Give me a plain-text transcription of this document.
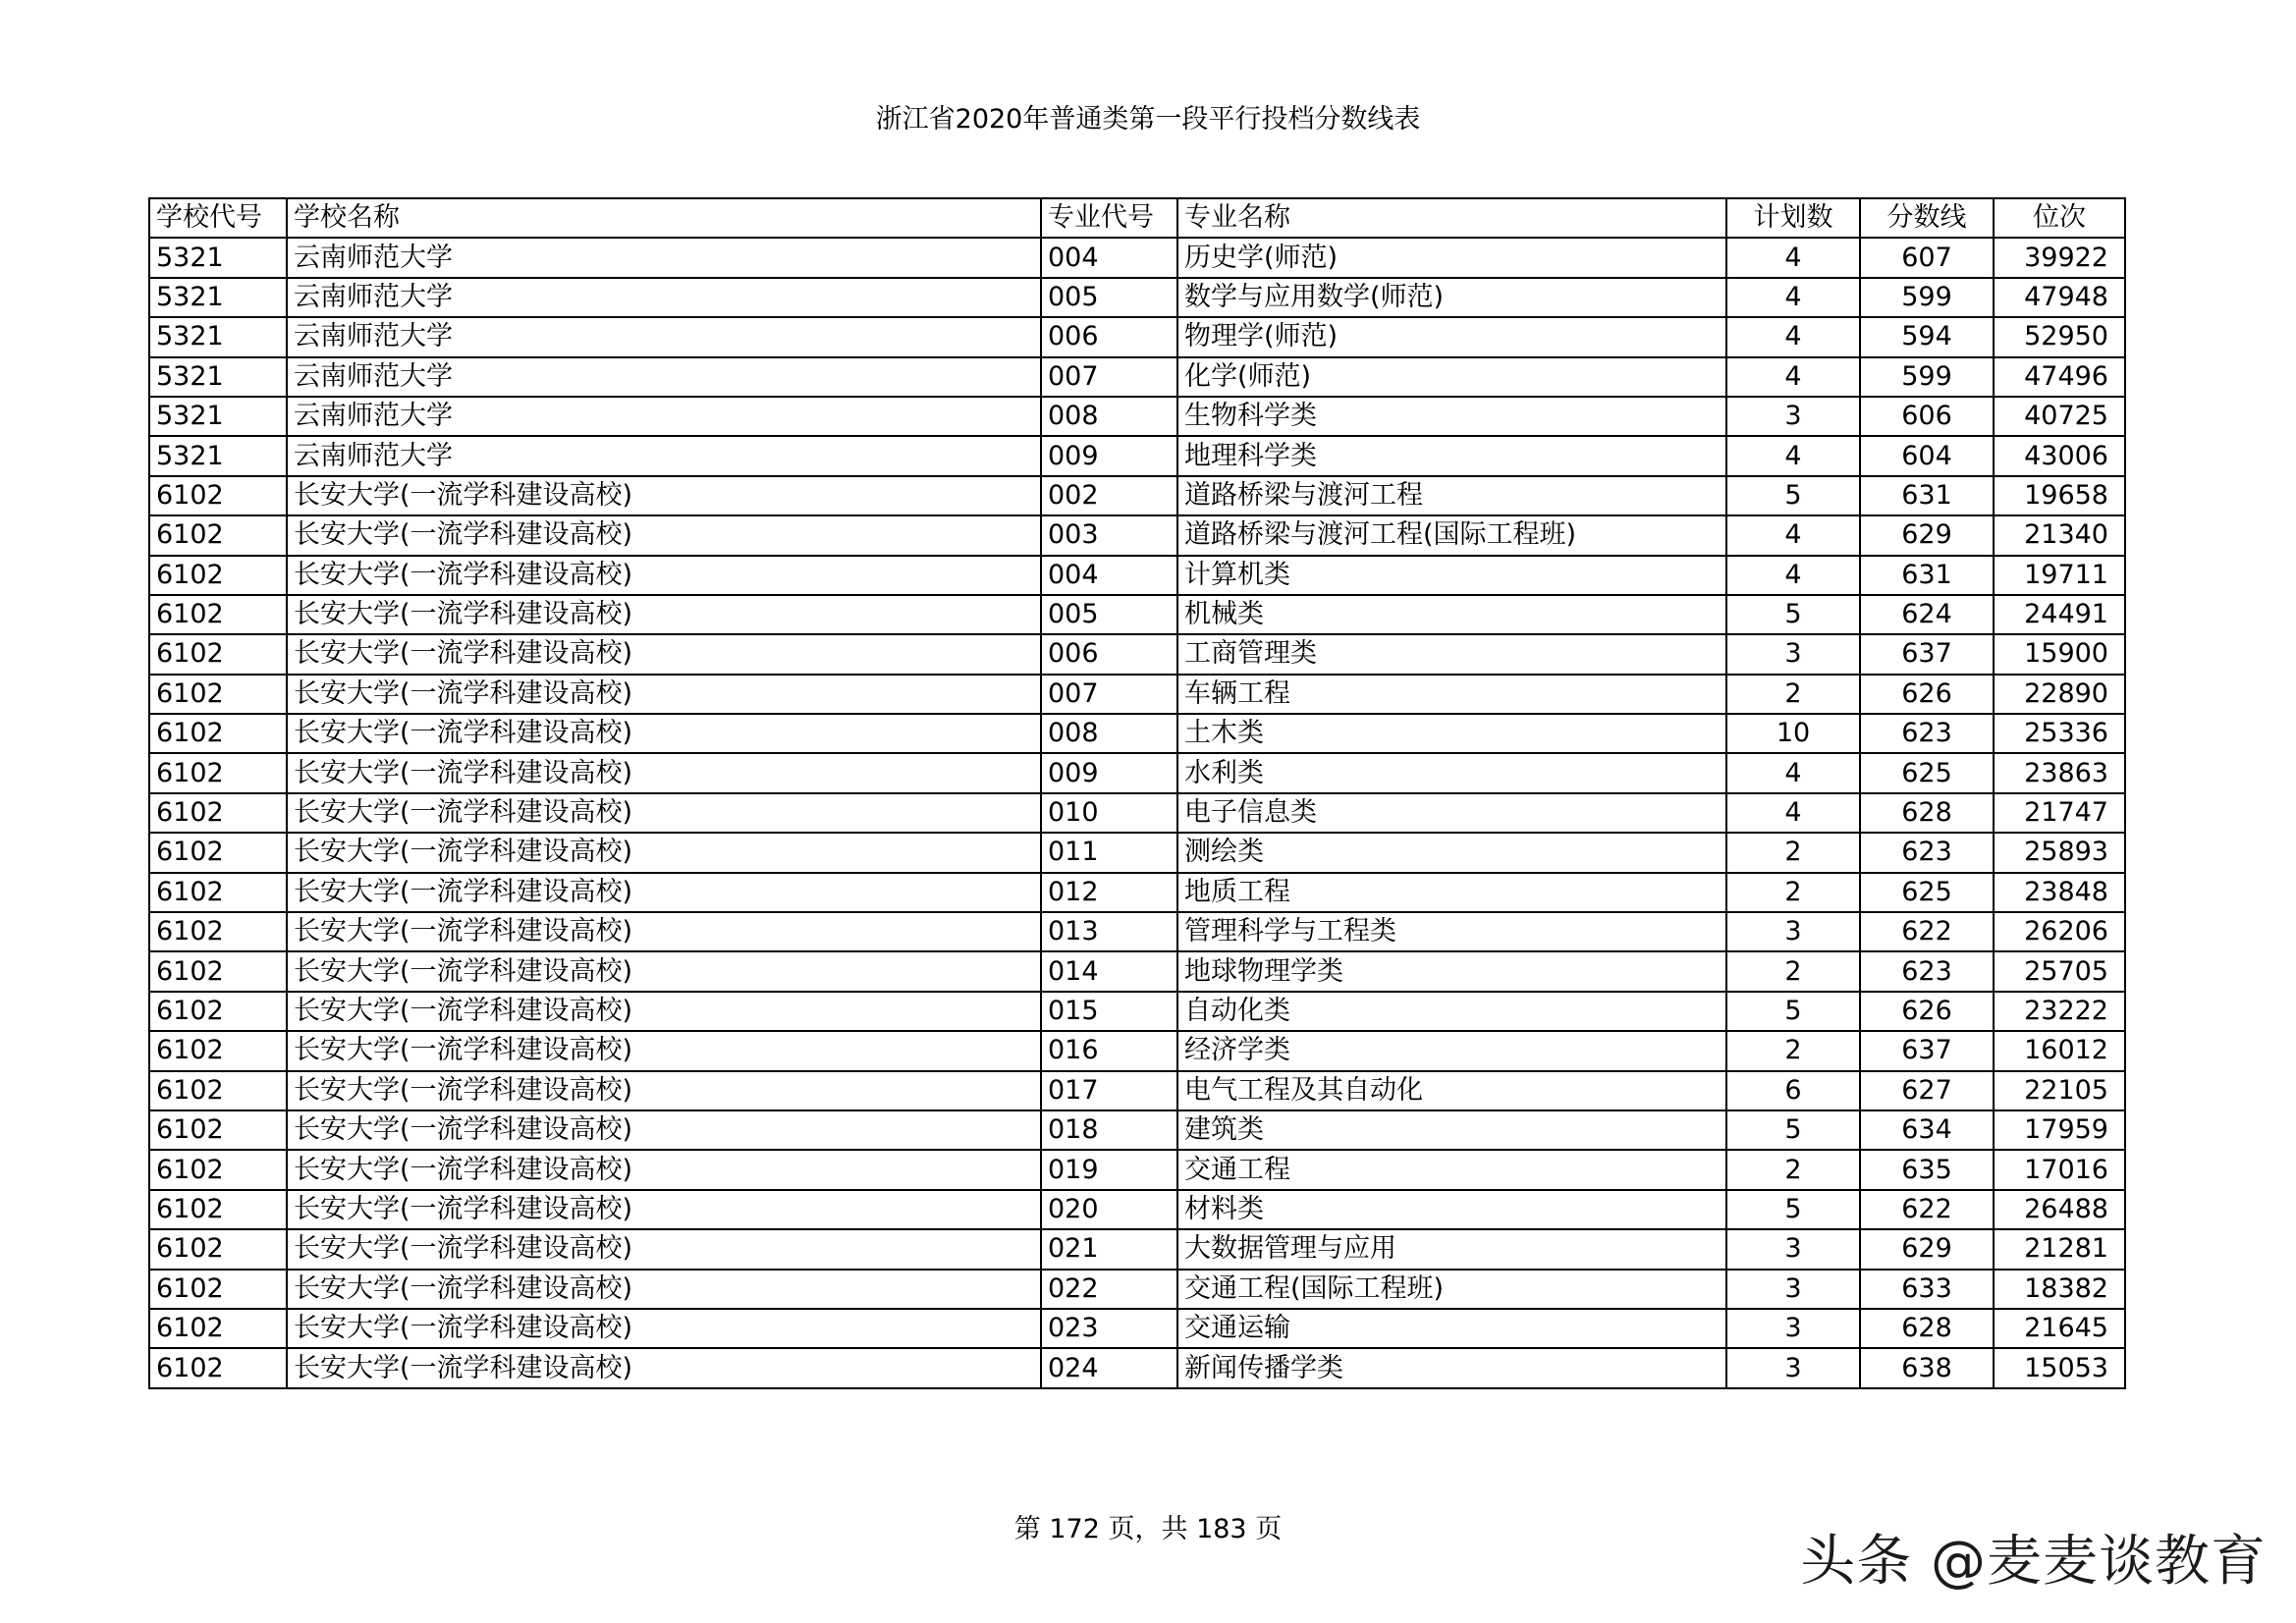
浙江省2020年普通类第一段平行投档分数线表
学校代号	学校名称	专业代号	专业名称	计划数	分数线	位次
5321	云南师范大学	004	历史学(师范)	4	607	39922
5321	云南师范大学	005	数学与应用数学(师范)	4	599	47948
5321	云南师范大学	006	物理学(师范)	4	594	52950
5321	云南师范大学	007	化学(师范)	4	599	47496
5321	云南师范大学	008	生物科学类	3	606	40725
5321	云南师范大学	009	地理科学类	4	604	43006
6102	长安大学(一流学科建设高校)	002	道路桥梁与渡河工程	5	631	19658
6102	长安大学(一流学科建设高校)	003	道路桥梁与渡河工程(国际工程班)	4	629	21340
6102	长安大学(一流学科建设高校)	004	计算机类	4	631	19711
6102	长安大学(一流学科建设高校)	005	机械类	5	624	24491
6102	长安大学(一流学科建设高校)	006	工商管理类	3	637	15900
6102	长安大学(一流学科建设高校)	007	车辆工程	2	626	22890
6102	长安大学(一流学科建设高校)	008	土木类	10	623	25336
6102	长安大学(一流学科建设高校)	009	水利类	4	625	23863
6102	长安大学(一流学科建设高校)	010	电子信息类	4	628	21747
6102	长安大学(一流学科建设高校)	011	测绘类	2	623	25893
6102	长安大学(一流学科建设高校)	012	地质工程	2	625	23848
6102	长安大学(一流学科建设高校)	013	管理科学与工程类	3	622	26206
6102	长安大学(一流学科建设高校)	014	地球物理学类	2	623	25705
6102	长安大学(一流学科建设高校)	015	自动化类	5	626	23222
6102	长安大学(一流学科建设高校)	016	经济学类	2	637	16012
6102	长安大学(一流学科建设高校)	017	电气工程及其自动化	6	627	22105
6102	长安大学(一流学科建设高校)	018	建筑类	5	634	17959
6102	长安大学(一流学科建设高校)	019	交通工程	2	635	17016
6102	长安大学(一流学科建设高校)	020	材料类	5	622	26488
6102	长安大学(一流学科建设高校)	021	大数据管理与应用	3	629	21281
6102	长安大学(一流学科建设高校)	022	交通工程(国际工程班)	3	633	18382
6102	长安大学(一流学科建设高校)	023	交通运输	3	628	21645
6102	长安大学(一流学科建设高校)	024	新闻传播学类	3	638	15053
第 172 页，共 183 页
头条 @麦麦谈教育
